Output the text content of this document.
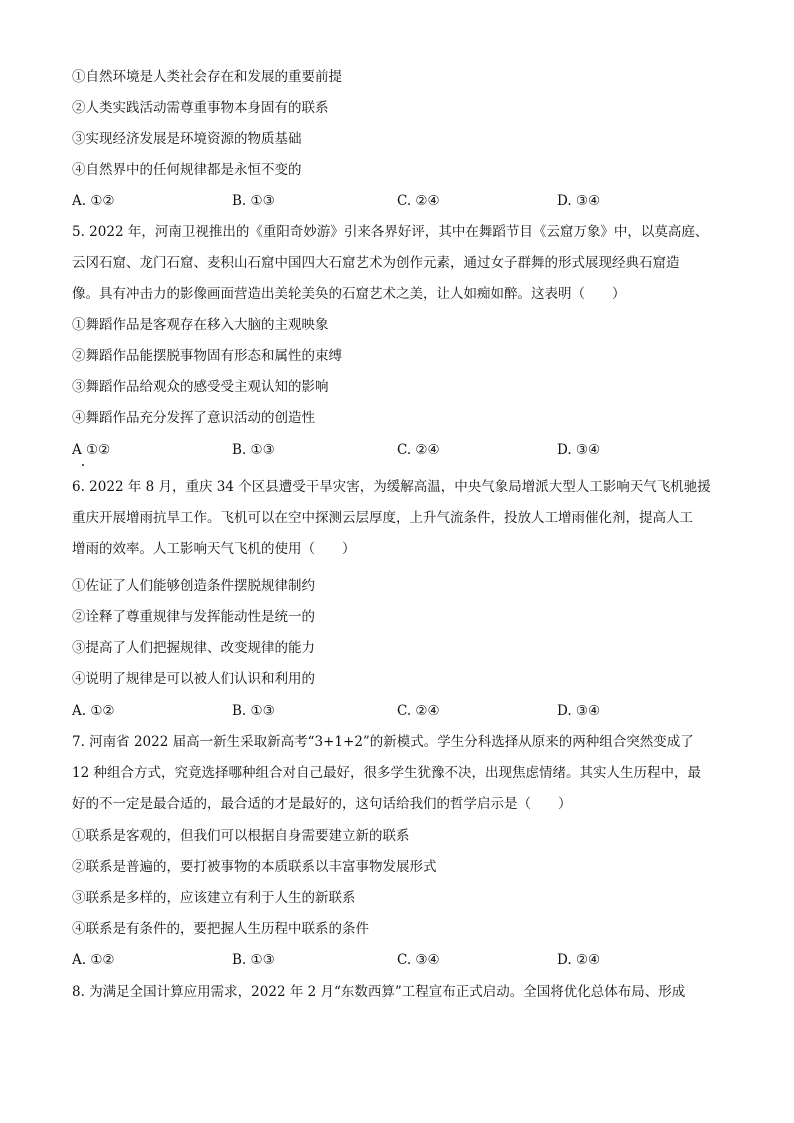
①自然环境是人类社会存在和发展的重要前提
②人类实践活动需尊重事物本身固有的联系
③实现经济发展是环境资源的物质基础
④自然界中的任何规律都是永恒不变的
A. ①②	B. ①③	C. ②④	D. ③④
5. 2022 年，河南卫视推出的《重阳奇妙游》引来各界好评，其中在舞蹈节目《云窟万象》中，以莫高庭、
云冈石窟、龙门石窟、麦积山石窟中国四大石窟艺术为创作元素，通过女子群舞的形式展现经典石窟造
像。具有冲击力的影像画面营造出美轮美奂的石窟艺术之美，让人如痴如醉。这表明（　　）
①舞蹈作品是客观存在移入大脑的主观映象
②舞蹈作品能摆脱事物固有形态和属性的束缚
③舞蹈作品给观众的感受受主观认知的影响
④舞蹈作品充分发挥了意识活动的创造性
A ①②	B. ①③	C. ②④	D. ③④
6. 2022 年 8 月，重庆 34 个区县遭受干旱灾害，为缓解高温，中央气象局增派大型人工影响天气飞机驰援
重庆开展增雨抗旱工作。飞机可以在空中探测云层厚度，上升气流条件，投放人工增雨催化剂，提高人工
增雨的效率。人工影响天气飞机的使用（　　）
①佐证了人们能够创造条件摆脱规律制约
②诠释了尊重规律与发挥能动性是统一的
③提高了人们把握规律、改变规律的能力
④说明了规律是可以被人们认识和利用的
A. ①②	B. ①③	C. ②④	D. ③④
7. 河南省 2022 届高一新生采取新高考“3+1+2”的新模式。学生分科选择从原来的两种组合突然变成了
12 种组合方式，究竟选择哪种组合对自己最好，很多学生犹豫不决，出现焦虑情绪。其实人生历程中，最
好的不一定是最合适的，最合适的才是最好的，这句话给我们的哲学启示是（　　）
①联系是客观的，但我们可以根据自身需要建立新的联系
②联系是普遍的，要打被事物的本质联系以丰富事物发展形式
③联系是多样的，应该建立有利于人生的新联系
④联系是有条件的，要把握人生历程中联系的条件
A. ①②	B. ①③	C. ③④	D. ②④
8. 为满足全国计算应用需求，2022 年 2 月“东数西算”工程宣布正式启动。全国将优化总体布局、形成
